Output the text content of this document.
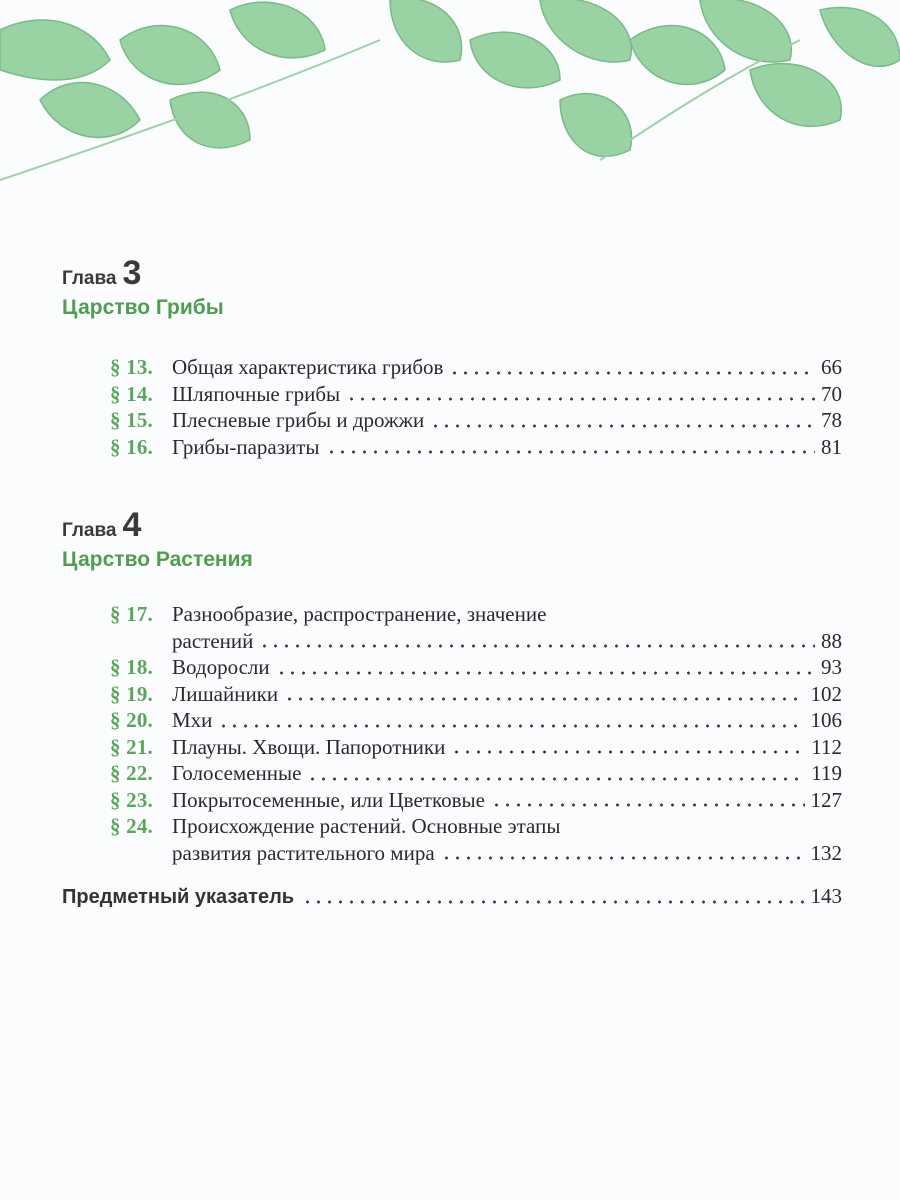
Глава 3
Царство Грибы
§ 13. Общая характеристика грибов	66
§ 14. Шляпочные грибы	70
§ 15. Плесневые грибы и дрожжи	78
§ 16. Грибы-паразиты	81
Глава 4
Царство Растения
§ 17. Разнообразие, распространение, значение
растений	88
§ 18. Водоросли	93
§ 19. Лишайники	102
§ 20. Мхи	106
§ 21. Плауны. Хвощи. Папоротники	112
§ 22. Голосеменные	119
§ 23. Покрытосеменные, или Цветковые	127
§ 24. Происхождение растений. Основные этапы
развития растительного мира	132
Предметный указатель	143
